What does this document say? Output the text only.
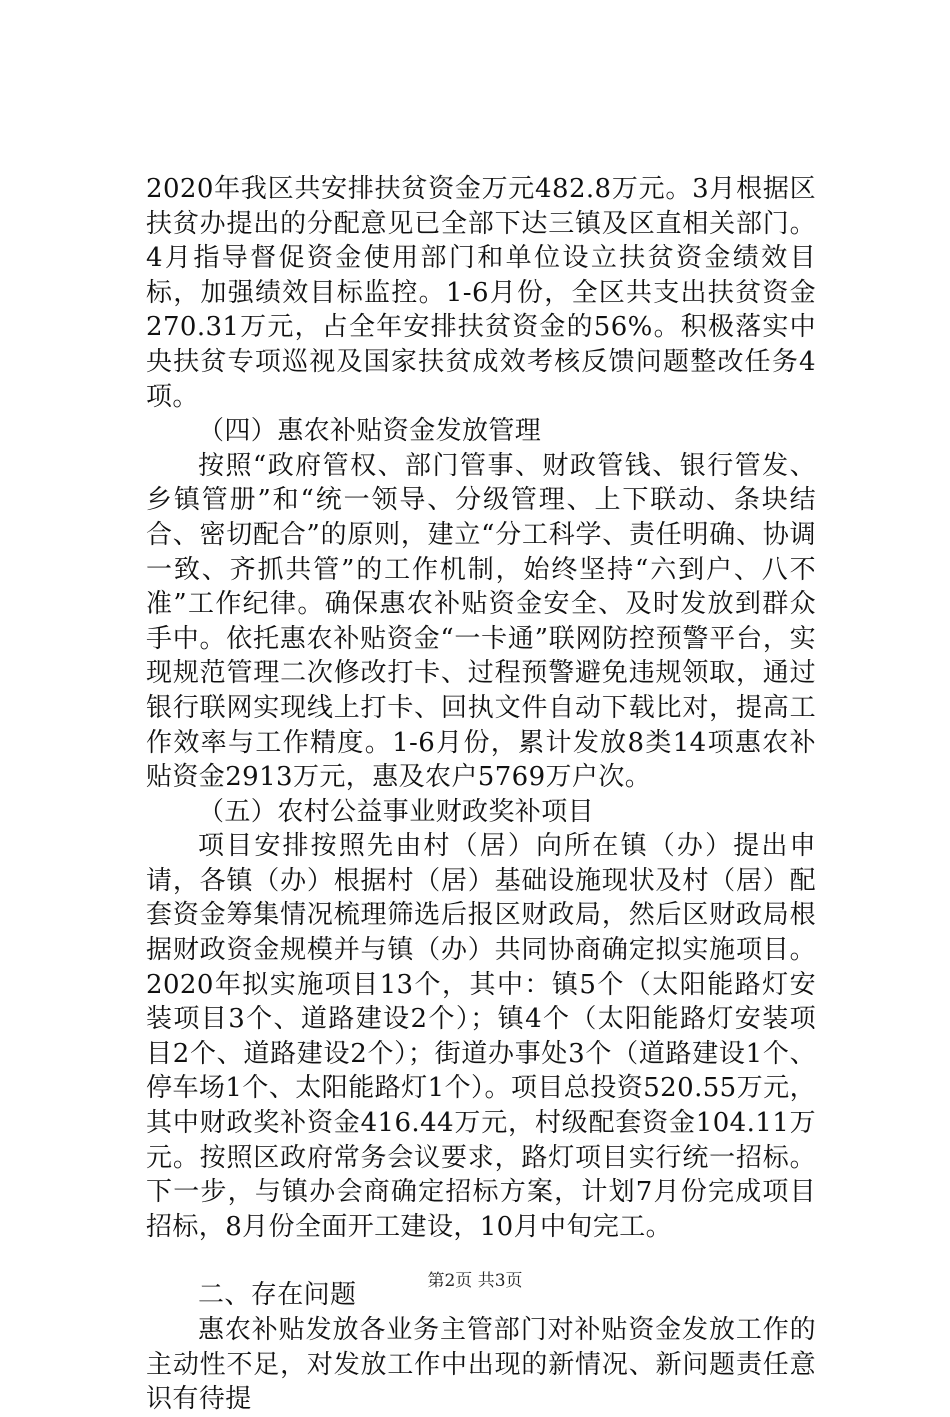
2020年我区共安排扶贫资金万元482.8万元。3月根据区扶贫办提出的分配意见已全部下达三镇及区直相关部门。4月指导督促资金使用部门和单位设立扶贫资金绩效目标，加强绩效目标监控。1-6月份，全区共支出扶贫资金270.31万元，占全年安排扶贫资金的56%。积极落实中央扶贫专项巡视及国家扶贫成效考核反馈问题整改任务4项。

（四）惠农补贴资金发放管理

按照“政府管权、部门管事、财政管钱、银行管发、乡镇管册”和“统一领导、分级管理、上下联动、条块结合、密切配合”的原则，建立“分工科学、责任明确、协调一致、齐抓共管”的工作机制，始终坚持“六到户、八不准”工作纪律。确保惠农补贴资金安全、及时发放到群众手中。依托惠农补贴资金“一卡通”联网防控预警平台，实现规范管理二次修改打卡、过程预警避免违规领取，通过银行联网实现线上打卡、回执文件自动下载比对，提高工作效率与工作精度。1-6月份，累计发放8类14项惠农补贴资金2913万元，惠及农户5769万户次。

（五）农村公益事业财政奖补项目

项目安排按照先由村（居）向所在镇（办）提出申请，各镇（办）根据村（居）基础设施现状及村（居）配套资金筹集情况梳理筛选后报区财政局，然后区财政局根据财政资金规模并与镇（办）共同协商确定拟实施项目。2020年拟实施项目13个，其中：镇5个（太阳能路灯安装项目3个、道路建设2个）；镇4个（太阳能路灯安装项目2个、道路建设2个）；街道办事处3个（道路建设1个、停车场1个、太阳能路灯1个）。项目总投资520.55万元，其中财政奖补资金416.44万元，村级配套资金104.11万元。按照区政府常务会议要求，路灯项目实行统一招标。下一步，与镇办会商确定招标方案，计划7月份完成项目招标，8月份全面开工建设，10月中旬完工。

二、存在问题

惠农补贴发放各业务主管部门对补贴资金发放工作的主动性不足，对发放工作中出现的新情况、新问题责任意识有待提

第2页 共3页
